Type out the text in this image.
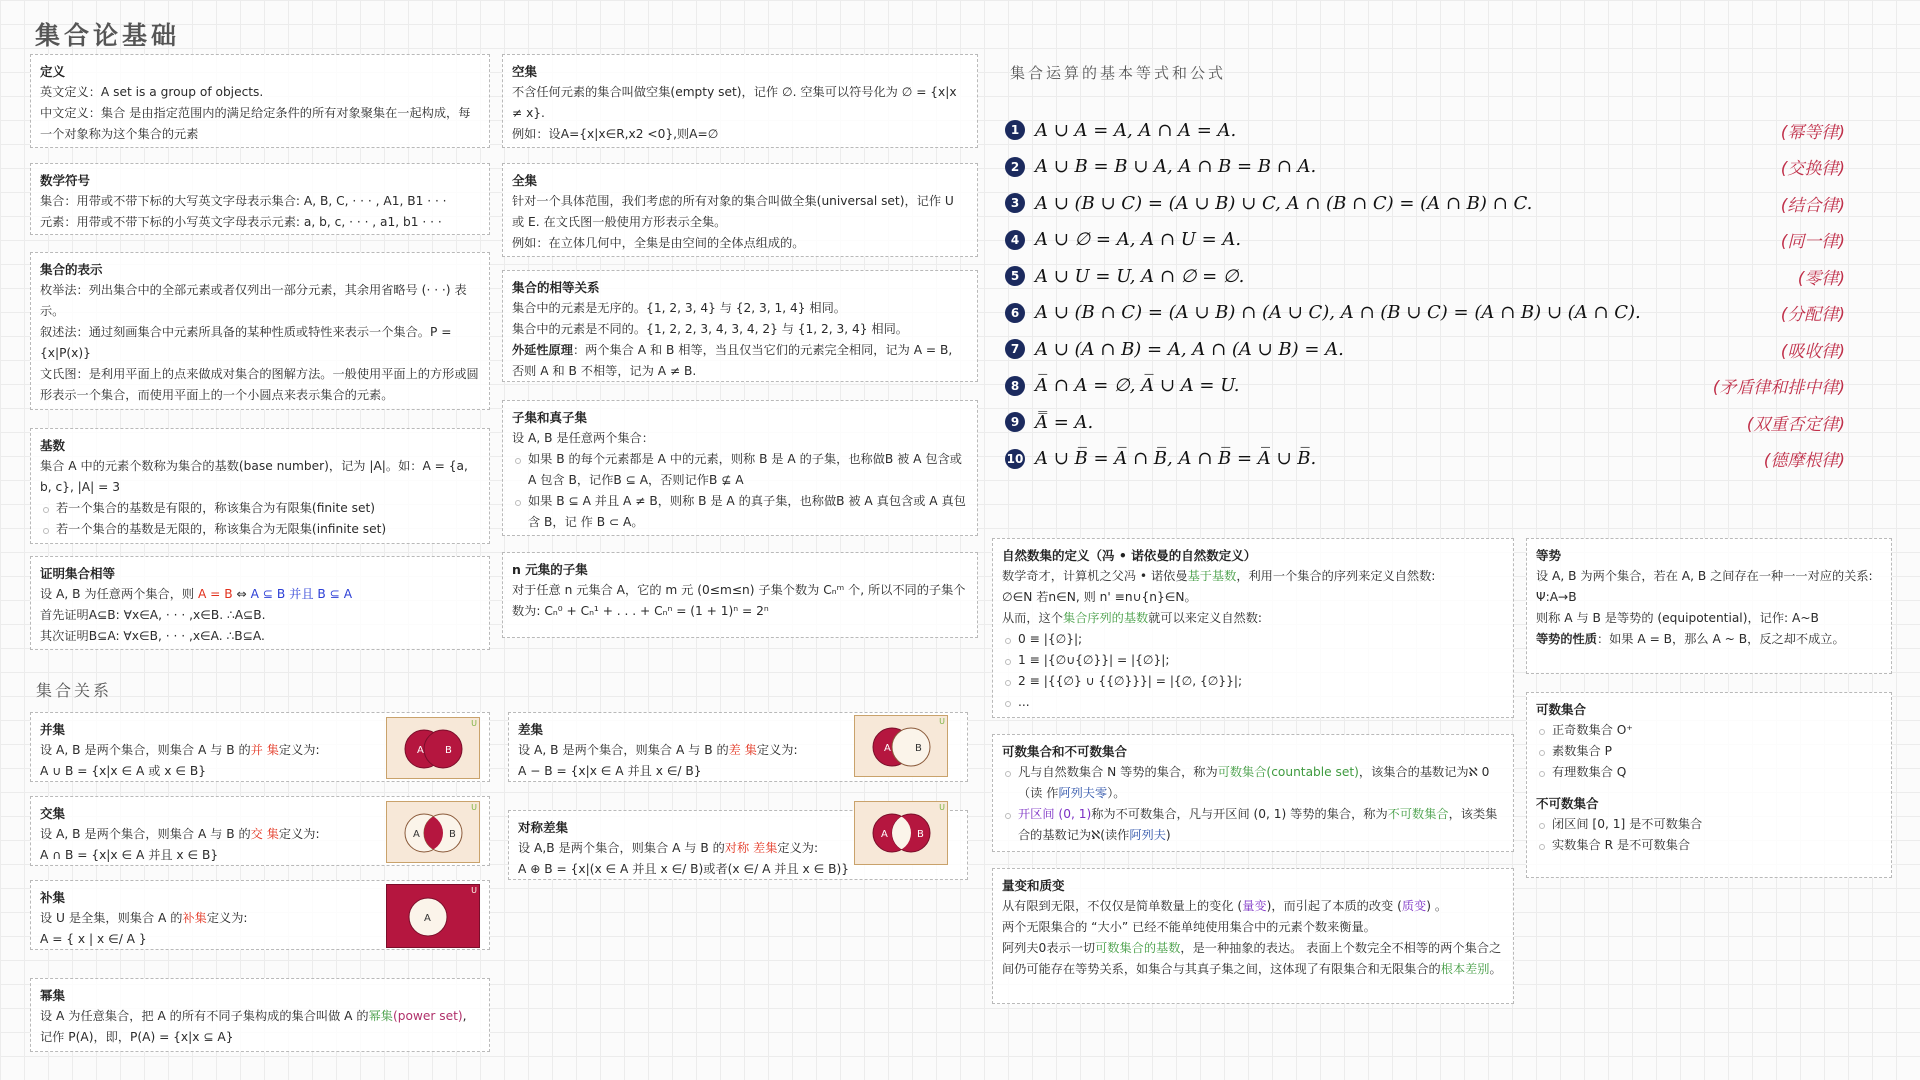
集合论基础
定义
英文定义：A set is a group of objects.
中文定义：集合 是由指定范围内的满足给定条件的所有对象聚集在一起构成，每一个对象称为这个集合的元素
数学符号
集合：用带或不带下标的大写英文字母表示集合: A, B, C, · · · , A1, B1 · · ·
元素：用带或不带下标的小写英文字母表示元素: a, b, c, · · · , a1, b1 · · ·
集合的表示
枚举法：列出集合中的全部元素或者仅列出一部分元素，其余用省略号 (· · ·) 表示。
叙述法：通过刻画集合中元素所具备的某种性质或特性来表示一个集合。P = {x|P(x)}
文氏图：是利用平面上的点来做成对集合的图解方法。一般使用平面上的方形或圆 形表示一个集合，而使用平面上的一个小圆点来表示集合的元素。
基数
集合 A 中的元素个数称为集合的基数(base number)，记为 |A|。如：A = {a, b, c}, |A| = 3
若一个集合的基数是有限的，称该集合为有限集(finite set)
若一个集合的基数是无限的，称该集合为无限集(infinite set)
证明集合相等
设 A, B 为任意两个集合，则 A = B ⇔ A ⊆ B 并且 B ⊆ A
首先证明A⊆B: ∀x∈A, · · · ,x∈B. ∴A⊆B.
其次证明B⊆A: ∀x∈B, · · · ,x∈A. ∴B⊆A.
集合关系
并集
设 A, B 是两个集合，则集合 A 与 B 的并 集定义为:
A ∪ B = {x|x ∈ A 或 x ∈ B}
A B
U
交集
设 A, B 是两个集合，则集合 A 与 B 的交 集定义为:
A ∩ B = {x|x ∈ A 并且 x ∈ B}
A	B
U
补集
设 U 是全集，则集合 A 的补集定义为:
A = { x | x ∈/ A }
A
U
幂集
设 A 为任意集合，把 A 的所有不同子集构成的集合叫做 A 的幂集(power set), 记作 P(A)，即，P(A) = {x|x ⊆ A}
空集
不含任何元素的集合叫做空集(empty set)，记作 ∅. 空集可以符号化为 ∅ = {x|x ≠ x}.
例如：设A={x|x∈R,x2 <0},则A=∅
全集
针对一个具体范围，我们考虑的所有对象的集合叫做全集(universal set)，记作 U 或 E. 在文氏图一般使用方形表示全集。
例如：在立体几何中，全集是由空间的全体点组成的。
集合的相等关系
集合中的元素是无序的。{1, 2, 3, 4} 与 {2, 3, 1, 4} 相同。
集合中的元素是不同的。{1, 2, 2, 3, 4, 3, 4, 2} 与 {1, 2, 3, 4} 相同。
外延性原理：两个集合 A 和 B 相等，当且仅当它们的元素完全相同，记为 A = B, 否则 A 和 B 不相等，记为 A ≠ B.
子集和真子集
设 A, B 是任意两个集合：
如果 B 的每个元素都是 A 中的元素，则称 B 是 A 的子集，也称做B 被 A 包含或A 包含 B，记作B ⊆ A，否则记作B ⊈ A
如果 B ⊆ A 并且 A ≠ B，则称 B 是 A 的真子集，也称做B 被 A 真包含或 A 真包含 B，记 作 B ⊂ A。
n 元集的子集
对于任意 n 元集合 A，它的 m 元 (0≤m≤n) 子集个数为 Cₙᵐ 个, 所以不同的子集个数为: Cₙ⁰ + Cₙ¹ + . . . + Cₙⁿ = (1 + 1)ⁿ = 2ⁿ
差集
设 A, B 是两个集合，则集合 A 与 B 的差 集定义为:
A − B = {x|x ∈ A 并且 x ∈/ B}
A B
U
对称差集
设 A,B 是两个集合，则集合 A 与 B 的对称 差集定义为:
A ⊕ B = {x|(x ∈ A 并且 x ∈/ B)或者(x ∈/ A 并且 x ∈ B)}
A	B
U
集合运算的基本等式和公式
1 A ∪ A = A, A ∩ A = A.	(幂等律)
2 A ∪ B = B ∪ A, A ∩ B = B ∩ A.	(交换律)
3 A ∪ (B ∪ C) = (A ∪ B) ∪ C, A ∩ (B ∩ C) = (A ∩ B) ∩ C.	(结合律)
4 A ∪ ∅ = A, A ∩ U = A.	(同一律)
5 A ∪ U = U, A ∩ ∅ = ∅.	(零律)
6 A ∪ (B ∩ C) = (A ∪ B) ∩ (A ∪ C), A ∩ (B ∪ C) = (A ∩ B) ∪ (A ∩ C).	(分配律)
7 A ∪ (A ∩ B) = A, A ∩ (A ∪ B) = A.	(吸收律)
8 A̅ ∩ A = ∅, A̅ ∪ A = U.	(矛盾律和排中律)
9 A̿ = A.	(双重否定律)
10 A ∪ B̅ = A̅ ∩ B̅, A ∩ B̅ = A̅ ∪ B̅.	(德摩根律)
自然数集的定义（冯 • 诺依曼的自然数定义）
数学奇才，计算机之父冯 • 诺依曼基于基数，利用一个集合的序列来定义自然数:
∅∈N 若n∈N, 则 n' ≡n∪{n}∈N。
从而，这个集合序列的基数就可以来定义自然数:
0 ≡ |{∅}|;
1 ≡ |{∅∪{∅}}| = |{∅}|;
2 ≡ |{{∅} ∪ {{∅}}}| = |{∅, {∅}}|;
...
可数集合和不可数集合
凡与自然数集合 N 等势的集合，称为可数集合(countable set)，该集合的基数记为ℵ 0（读 作阿列夫零）。
开区间 (0, 1)称为不可数集合，凡与开区间 (0, 1) 等势的集合，称为不可数集合，该类集 合的基数记为ℵ(读作阿列夫)
量变和质变
从有限到无限，不仅仅是简单数量上的变化 (量变)，而引起了本质的改变 (质变) 。
两个无限集合的 “大小” 已经不能单纯使用集合中的元素个数来衡量。
阿列夫0表示一切可数集合的基数，是一种抽象的表达。 表面上个数完全不相等的两个集合之间仍可能存在等势关系，如集合与其真子集之间，这体现了有限集合和无限集合的根本差别。
等势
设 A, B 为两个集合，若在 A, B 之间存在一种一一对应的关系:
Ψ:A→B
则称 A 与 B 是等势的 (equipotential)，记作: A~B
等势的性质：如果 A = B，那么 A ~ B，反之却不成立。
可数集合
正奇数集合 O⁺
素数集合 P
有理数集合 Q
不可数集合
闭区间 [0, 1] 是不可数集合
实数集合 R 是不可数集合
